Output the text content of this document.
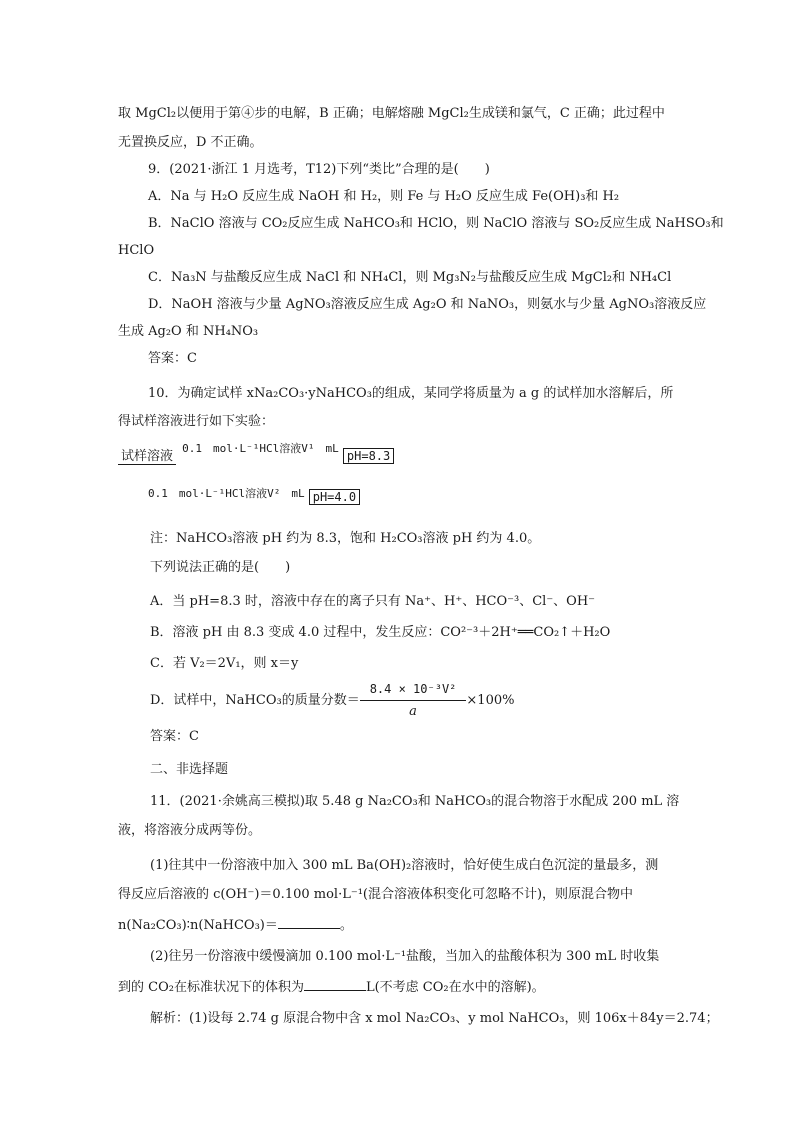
取 MgCl₂以便用于第④步的电解，B 正确；电解熔融 MgCl₂生成镁和氯气，C 正确；此过程中
无置换反应，D 不正确。
9．(2021·浙江 1 月选考，T12)下列“类比”合理的是(　　)
A．Na 与 H₂O 反应生成 NaOH 和 H₂，则 Fe 与 H₂O 反应生成 Fe(OH)₃和 H₂
B．NaClO 溶液与 CO₂反应生成 NaHCO₃和 HClO，则 NaClO 溶液与 SO₂反应生成 NaHSO₃和
HClO
C．Na₃N 与盐酸反应生成 NaCl 和 NH₄Cl，则 Mg₃N₂与盐酸反应生成 MgCl₂和 NH₄Cl
D．NaOH 溶液与少量 AgNO₃溶液反应生成 Ag₂O 和 NaNO₃，则氨水与少量 AgNO₃溶液反应
生成 Ag₂O 和 NH₄NO₃
答案：C
10．为确定试样 xNa₂CO₃·yNaHCO₃的组成，某同学将质量为 a g 的试样加水溶解后，所
得试样溶液进行如下实验：
试样溶液 $^{0.1 mol\cdot L^{-1}HCl溶液V^1 mL}$ pH=8.3
$^{0.1 mol\cdot L^{-1}HCl溶液V^2 mL}$ pH=4.0
注：NaHCO₃溶液 pH 约为 8.3，饱和 H₂CO₃溶液 pH 约为 4.0。
下列说法正确的是(　　)
A．当 pH=8.3 时，溶液中存在的离子只有 Na⁺、H⁺、HCO⁻³、Cl⁻、OH⁻
B．溶液 pH 由 8.3 变成 4.0 过程中，发生反应：CO²⁻³＋2H⁺══CO₂↑＋H₂O
C．若 V₂＝2V₁，则 x＝y
D．试样中，NaHCO₃的质量分数＝ $\frac{\text{8.4 × 10⁻³V²}}{a} \times 100\%$
答案：C
二、非选择题
11．(2021·余姚高三模拟)取 5.48 g Na₂CO₃和 NaHCO₃的混合物溶于水配成 200 mL 溶
液，将溶液分成两等份。
(1)往其中一份溶液中加入 300 mL Ba(OH)₂溶液时，恰好使生成白色沉淀的量最多，测
得反应后溶液的 c(OH⁻)＝0.100 mol·L⁻¹(混合溶液体积变化可忽略不计)，则原混合物中
n(Na₂CO₃)∶n(NaHCO₃)＝	。
(2)往另一份溶液中缓慢滴加 0.100 mol·L⁻¹盐酸，当加入的盐酸体积为 300 mL 时收集
到的 CO₂在标准状况下的体积为	L(不考虑 CO₂在水中的溶解)。
解析：(1)设每 2.74 g 原混合物中含 x mol Na₂CO₃、y mol NaHCO₃，则 106x＋84y＝2.74；
